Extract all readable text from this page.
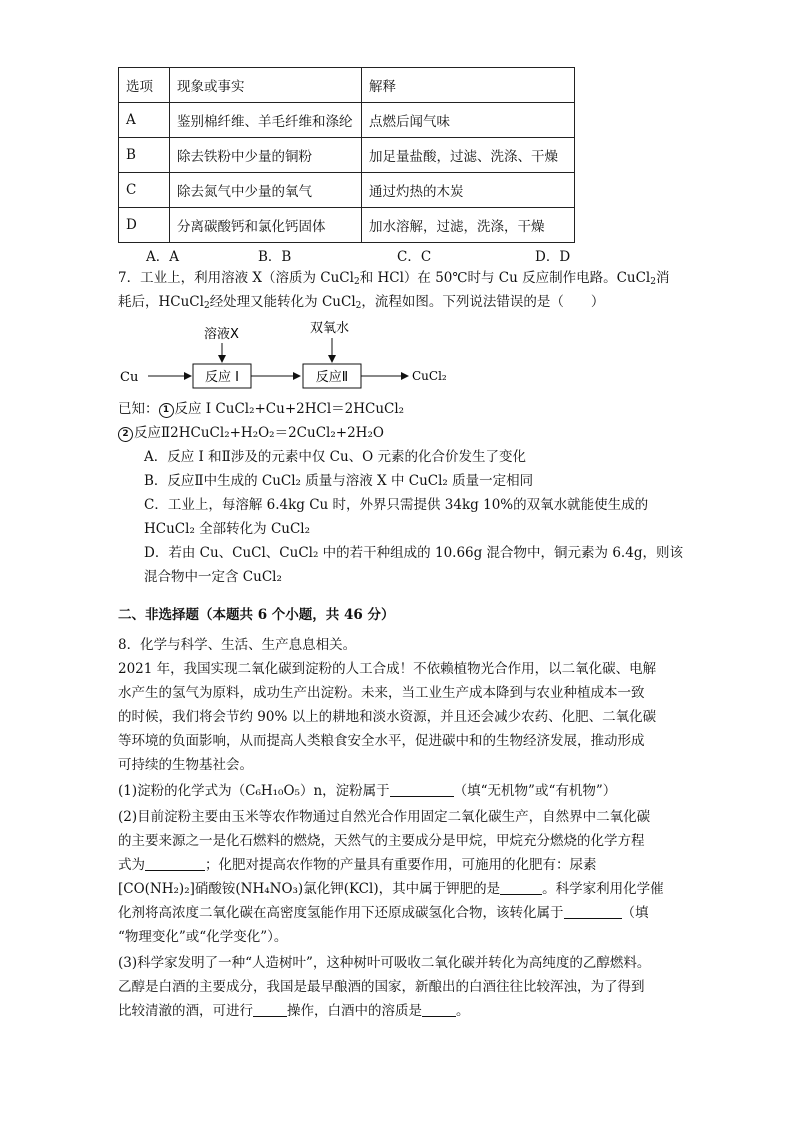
选项	现象或事实	解释
A	鉴别棉纤维、羊毛纤维和涤纶	点燃后闻气味
B	除去铁粉中少量的铜粉	加足量盐酸，过滤、洗涤、干燥
C	除去氮气中少量的氧气	通过灼热的木炭
D	分离碳酸钙和氯化钙固体	加水溶解，过滤，洗涤，干燥
A．A	B．B	C．C	D．D
7．工业上，利用溶液 X（溶质为 CuCl$_2$和 HCl）在 50℃时与 Cu 反应制作电路。CuCl$_2$消
耗后，HCuCl$_2$经处理又能转化为 CuCl$_2$，流程如图。下列说法错误的是（　　）
Cu	反应 I
溶液X
反应Ⅱ
双氧水
CuCl₂
已知： 1 反应 I CuCl₂+Cu+2HCl＝2HCuCl₂
2 反应Ⅱ2HCuCl₂+H₂O₂＝2CuCl₂+2H₂O
A．反应 I 和Ⅱ涉及的元素中仅 Cu、O 元素的化合价发生了变化
B．反应Ⅱ中生成的 CuCl₂ 质量与溶液 X 中 CuCl₂ 质量一定相同
C．工业上，每溶解 6.4kg Cu 时，外界只需提供 34kg 10%的双氧水就能使生成的
HCuCl₂ 全部转化为 CuCl₂
D．若由 Cu、CuCl、CuCl₂ 中的若干种组成的 10.66g 混合物中，铜元素为 6.4g，则该
混合物中一定含 CuCl₂
二、非选择题（本题共 6 个小题，共 46 分）
8．化学与科学、生活、生产息息相关。
2021 年，我国实现二氧化碳到淀粉的人工合成！不依赖植物光合作用，以二氧化碳、电解
水产生的氢气为原料，成功生产出淀粉。未来，当工业生产成本降到与农业种植成本一致
的时候，我们将会节约 90% 以上的耕地和淡水资源，并且还会减少农药、化肥、二氧化碳
等环境的负面影响，从而提高人类粮食安全水平，促进碳中和的生物经济发展，推动形成
可持续的生物基社会。
(1)淀粉的化学式为（C₆H₁₀O₅）n，淀粉属于	（填“无机物”或“有机物”）
(2)目前淀粉主要由玉米等农作物通过自然光合作用固定二氧化碳生产，自然界中二氧化碳
的主要来源之一是化石燃料的燃烧，天然气的主要成分是甲烷，甲烷充分燃烧的化学方程
式为	；化肥对提高农作物的产量具有重要作用，可施用的化肥有：尿素
[CO(NH₂)₂]硝酸铵(NH₄NO₃)氯化钾(KCl)，其中属于钾肥的是	。科学家利用化学催
化剂将高浓度二氧化碳在高密度氢能作用下还原成碳氢化合物，该转化属于	（填
“物理变化”或“化学变化”）。
(3)科学家发明了一种“人造树叶”，这种树叶可吸收二氧化碳并转化为高纯度的乙醇燃料。
乙醇是白酒的主要成分，我国是最早酿酒的国家，新酿出的白酒往往比较浑浊，为了得到
比较清澈的酒，可进行	操作，白酒中的溶质是	。
